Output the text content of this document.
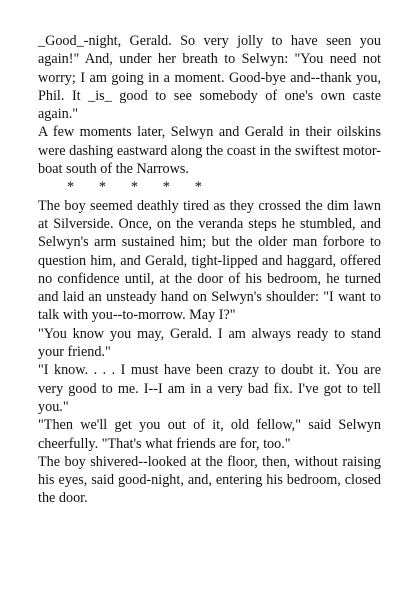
_Good_-night, Gerald. So very jolly to have seen you again!" And, under her breath to Selwyn: "You need not worry; I am going in a moment. Good-bye and--thank you, Phil. It _is_ good to see somebody of one's own caste again."

A few moments later, Selwyn and Gerald in their oilskins were dashing eastward along the coast in the swiftest motor-boat south of the Narrows.

*       *       *       *       *

The boy seemed deathly tired as they crossed the dim lawn at Silverside. Once, on the veranda steps he stumbled, and Selwyn's arm sustained him; but the older man forbore to question him, and Gerald, tight-lipped and haggard, offered no confidence until, at the door of his bedroom, he turned and laid an unsteady hand on Selwyn's shoulder: "I want to talk with you--to-morrow. May I?"

"You know you may, Gerald. I am always ready to stand your friend."

"I know. . . . I must have been crazy to doubt it. You are very good to me. I--I am in a very bad fix. I've got to tell you."

"Then we'll get you out of it, old fellow," said Selwyn cheerfully. "That's what friends are for, too."

The boy shivered--looked at the floor, then, without raising his eyes, said good-night, and, entering his bedroom, closed the door.
